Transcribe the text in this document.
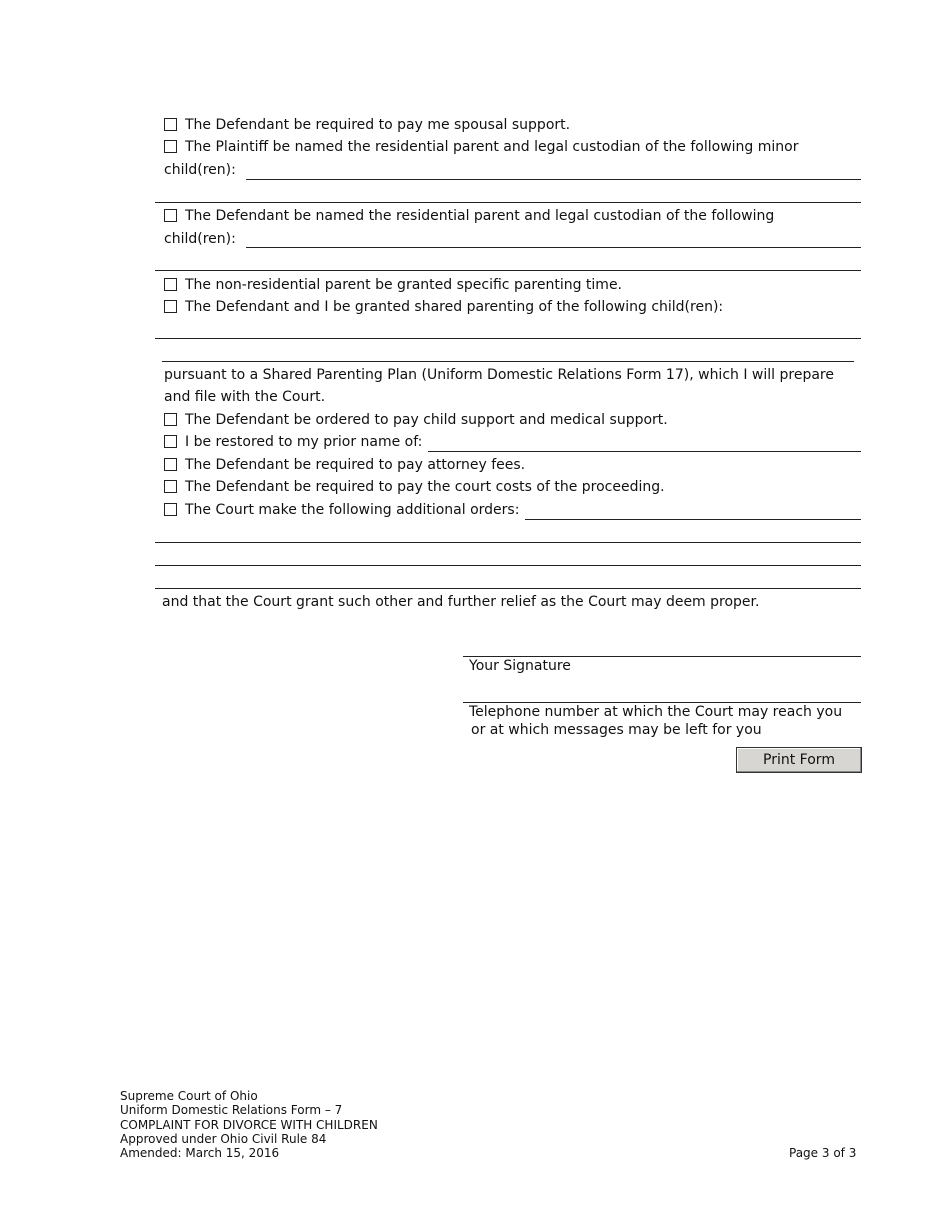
The Defendant be required to pay me spousal support.
The Plaintiff be named the residential parent and legal custodian of the following minor
child(ren):
The Defendant be named the residential parent and legal custodian of the following
child(ren):
The non-residential parent be granted specific parenting time.
The Defendant and I be granted shared parenting of the following child(ren):
pursuant to a Shared Parenting Plan (Uniform Domestic Relations Form 17), which I will prepare
and file with the Court.
The Defendant be ordered to pay child support and medical support.
I be restored to my prior name of:
The Defendant be required to pay attorney fees.
The Defendant be required to pay the court costs of the proceeding.
The Court make the following additional orders:
and that the Court grant such other and further relief as the Court may deem proper.
Your Signature
Telephone number at which the Court may reach you
or at which messages may be left for you
Print Form
Supreme Court of Ohio
Uniform Domestic Relations Form – 7
COMPLAINT FOR DIVORCE WITH CHILDREN
Approved under Ohio Civil Rule 84
Amended: March 15, 2016	Page 3 of 3
